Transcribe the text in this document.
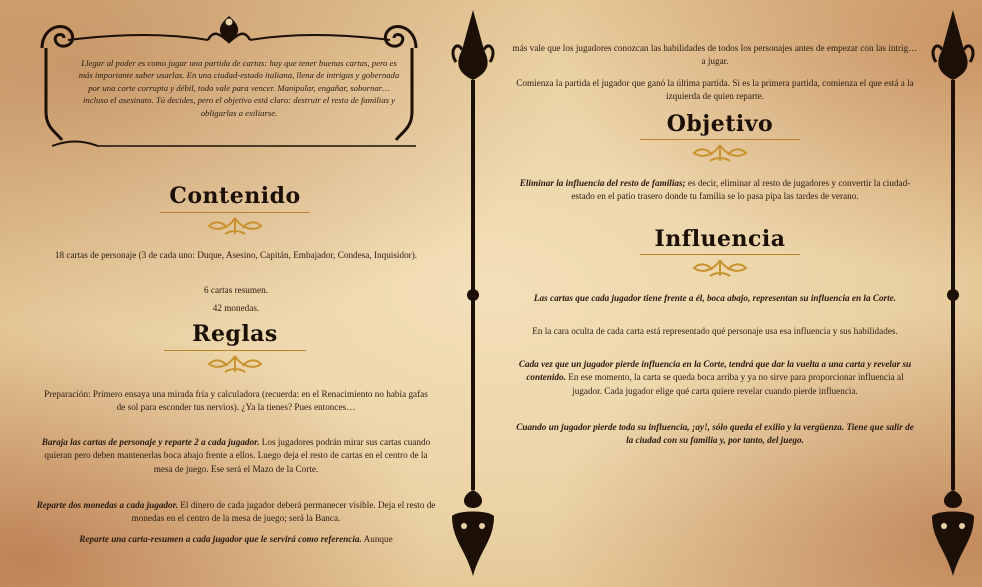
Llegar al poder es como jugar una partida de cartas: hay que tener buenas cartas, pero es más importante saber usarlas. En una ciudad-estado italiana, llena de intrigas y gobernada por una corte corrupta y débil, todo vale para vencer. Manipular, engañar, sobornar… incluso el asesinato. Tú decides, pero el objetivo está claro: destruir el resto de familias y obligarlas a exiliarse.
Contenido
18 cartas de personaje (3 de cada uno: Duque, Asesino, Capitán, Embajador, Condesa, Inquisidor).
6 cartas resumen.
42 monedas.
Reglas
Preparación: Primero ensaya una mirada fría y calculadora (recuerda: en el Renacimiento no había gafas de sol para esconder tus nervios). ¿Ya la tienes? Pues entonces…
Baraja las cartas de personaje y reparte 2 a cada jugador. Los jugadores podrán mirar sus cartas cuando quieran pero deben mantenerlas boca abajo frente a ellos. Luego deja el resto de cartas en el centro de la mesa de juego. Ese será el Mazo de la Corte.
Reparte dos monedas a cada jugador. El dinero de cada jugador deberá permanecer visible. Deja el resto de monedas en el centro de la mesa de juego; será la Banca.
Reparte una carta-resumen a cada jugador que le servirá como referencia. Aunque
más vale que los jugadores conozcan las habilidades de todos los personajes antes de empezar con las intrig… a jugar.
Comienza la partida el jugador que ganó la última partida. Si es la primera partida, comienza el que está a la izquierda de quien reparte.
Objetivo
Eliminar la influencia del resto de familias; es decir, eliminar al resto de jugadores y convertir la ciudad-estado en el patio trasero donde tu familia se lo pasa pipa las tardes de verano.
Influencia
Las cartas que cada jugador tiene frente a él, boca abajo, representan su influencia en la Corte.
En la cara oculta de cada carta está representado qué personaje usa esa influencia y sus habilidades.
Cada vez que un jugador pierde influencia en la Corte, tendrá que dar la vuelta a una carta y revelar su contenido. En ese momento, la carta se queda boca arriba y ya no sirve para proporcionar influencia al jugador. Cada jugador elige qué carta quiere revelar cuando pierde influencia.
Cuando un jugador pierde toda su influencia, ¡ay!, sólo queda el exilio y la vergüenza. Tiene que salir de la ciudad con su familia y, por tanto, del juego.
